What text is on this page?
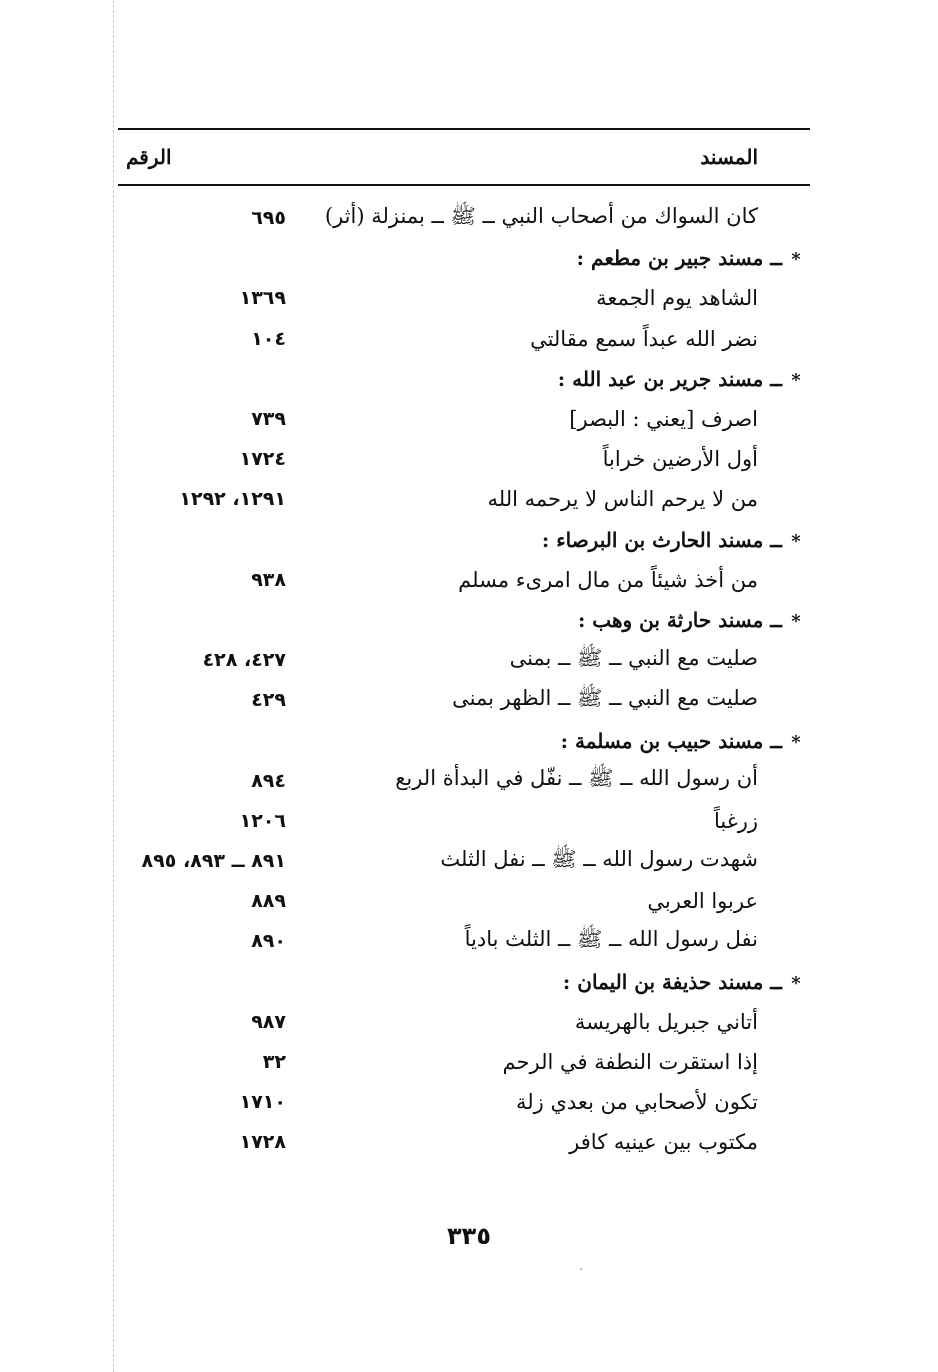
المسند
الرقم
كان السواك من أصحاب النبي ــ ﷺ ــ بمنزلة (أثر)
٦٩٥
*ــ مسند جبير بن مطعم :
الشاهد يوم الجمعة
١٣٦٩
نضر الله عبداً سمع مقالتي
١٠٤
*ــ مسند جرير بن عبد الله :
اصرف [يعني : البصر]
٧٣٩
أول الأرضين خراباً
١٧٢٤
من لا يرحم الناس لا يرحمه الله
١٢٩١، ١٢٩٢
*ــ مسند الحارث بن البرصاء :
من أخذ شيئاً من مال امرىء مسلم
٩٣٨
*ــ مسند حارثة بن وهب :
صليت مع النبي ــ ﷺ ــ بمنى
٤٢٧، ٤٢٨
صليت مع النبي ــ ﷺ ــ الظهر بمنى
٤٢٩
*ــ مسند حبيب بن مسلمة :
أن رسول الله ــ ﷺ ــ نفّل في البدأة الربع
٨٩٤
زرغباً
١٢٠٦
شهدت رسول الله ــ ﷺ ــ نفل الثلث
٨٩١ ــ ٨٩٣، ٨٩٥
عربوا العربي
٨٨٩
نفل رسول الله ــ ﷺ ــ الثلث بادياً
٨٩٠
*ــ مسند حذيفة بن اليمان :
أتاني جبريل بالهريسة
٩٨٧
إذا استقرت النطفة في الرحم
٣٢
تكون لأصحابي من بعدي زلة
١٧١٠
مكتوب بين عينيه كافر
١٧٢٨
٣٣٥
